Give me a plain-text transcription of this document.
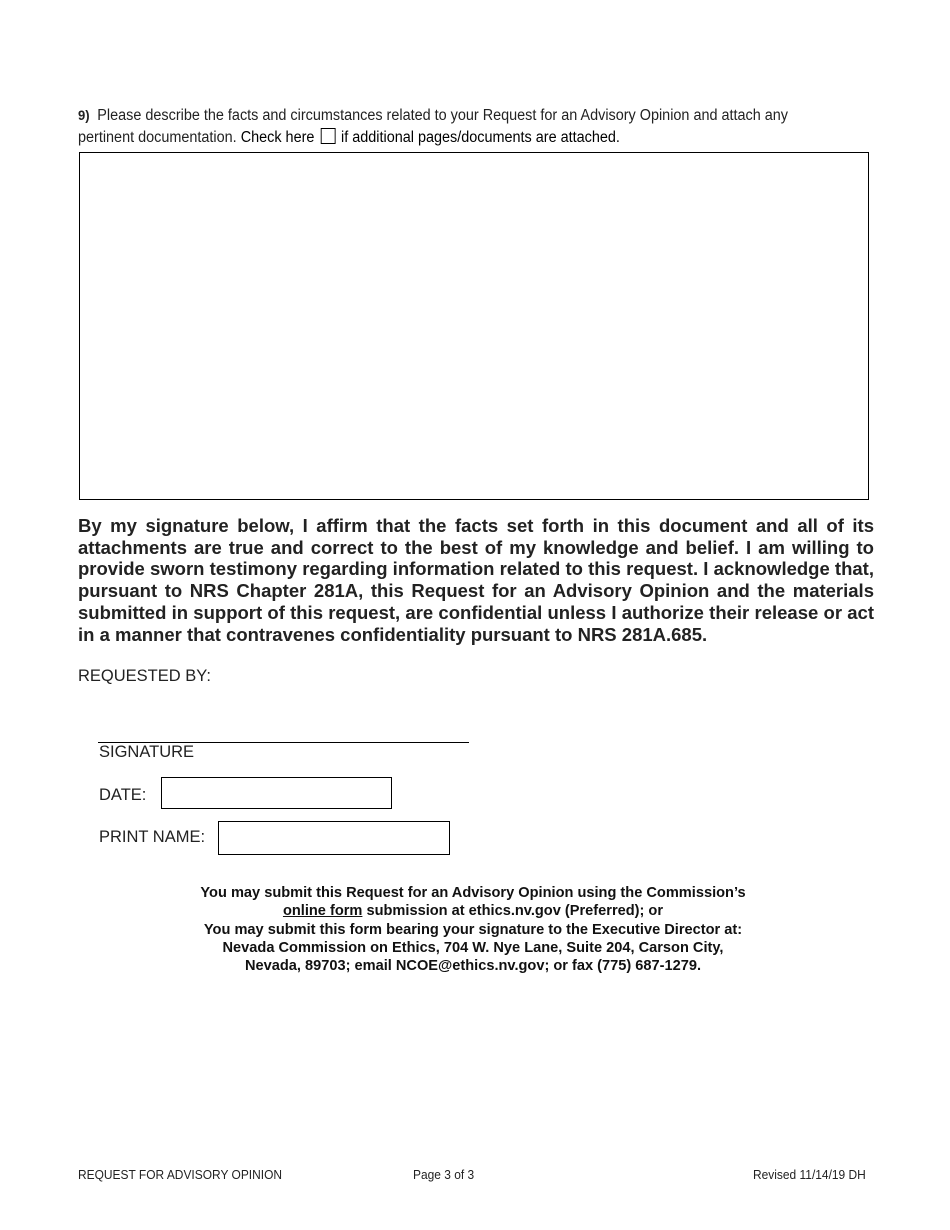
9) Please describe the facts and circumstances related to your Request for an Advisory Opinion and attach any pertinent documentation. Check here if additional pages/documents are attached.
By my signature below, I affirm that the facts set forth in this document and all of its attachments are true and correct to the best of my knowledge and belief. I am willing to provide sworn testimony regarding information related to this request. I acknowledge that, pursuant to NRS Chapter 281A, this Request for an Advisory Opinion and the materials submitted in support of this request, are confidential unless I authorize their release or act in a manner that contravenes confidentiality pursuant to NRS 281A.685.
REQUESTED BY:
SIGNATURE
DATE:
PRINT NAME:
You may submit this Request for an Advisory Opinion using the Commission’s
online form submission at ethics.nv.gov (Preferred); or
You may submit this form bearing your signature to the Executive Director at:
Nevada Commission on Ethics, 704 W. Nye Lane, Suite 204, Carson City,
Nevada, 89703; email NCOE@ethics.nv.gov; or fax (775) 687-1279.
REQUEST FOR ADVISORY OPINION	Page 3 of 3	Revised 11/14/19 DH
